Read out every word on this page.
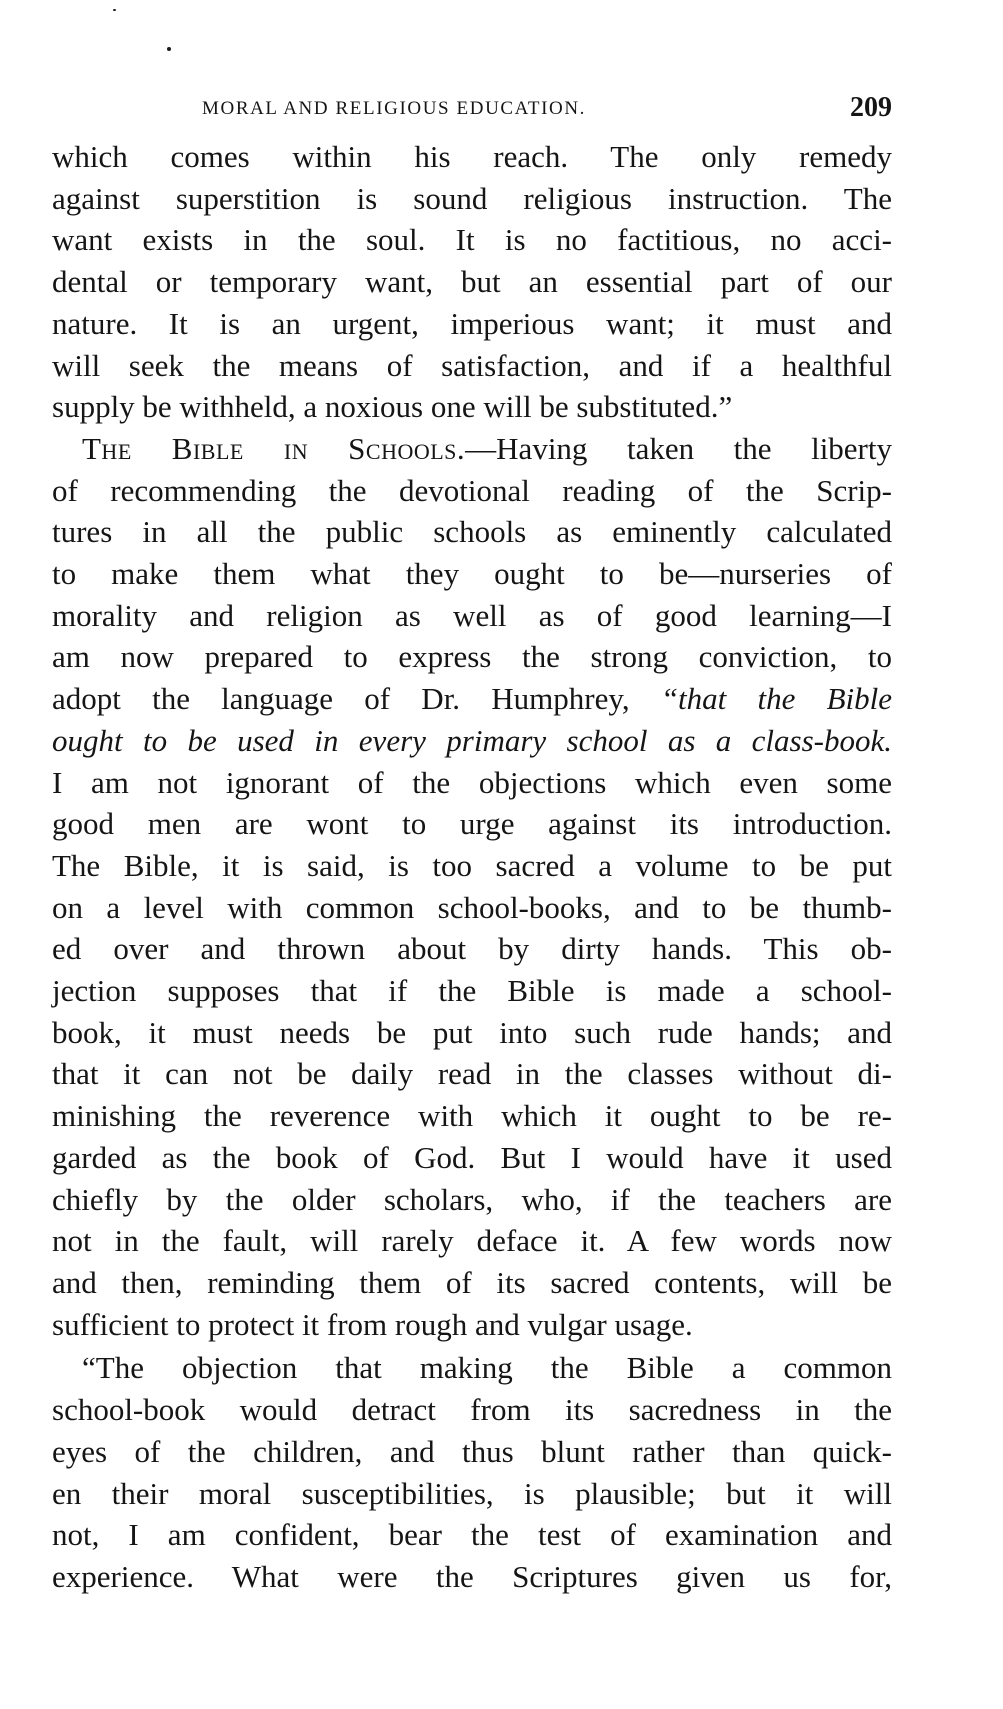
MORAL AND RELIGIOUS EDUCATION.	209
which comes within his reach. The only remedy
against superstition is sound religious instruction. The
want exists in the soul. It is no factitious, no acci-
dental or temporary want, but an essential part of our
nature. It is an urgent, imperious want; it must and
will seek the means of satisfaction, and if a healthful
supply be withheld, a noxious one will be substituted.”
The Bible in Schools.—Having taken the liberty
of recommending the devotional reading of the Scrip-
tures in all the public schools as eminently calculated
to make them what they ought to be—nurseries of
morality and religion as well as of good learning—I
am now prepared to express the strong conviction, to
adopt the language of Dr. Humphrey, “that the Bible
ought to be used in every primary school as a class-book.
I am not ignorant of the objections which even some
good men are wont to urge against its introduction.
The Bible, it is said, is too sacred a volume to be put
on a level with common school-books, and to be thumb-
ed over and thrown about by dirty hands. This ob-
jection supposes that if the Bible is made a school-
book, it must needs be put into such rude hands; and
that it can not be daily read in the classes without di-
minishing the reverence with which it ought to be re-
garded as the book of God. But I would have it used
chiefly by the older scholars, who, if the teachers are
not in the fault, will rarely deface it. A few words now
and then, reminding them of its sacred contents, will be
sufficient to protect it from rough and vulgar usage.
“The objection that making the Bible a common
school-book would detract from its sacredness in the
eyes of the children, and thus blunt rather than quick-
en their moral susceptibilities, is plausible; but it will
not, I am confident, bear the test of examination and
experience. What were the Scriptures given us for,
